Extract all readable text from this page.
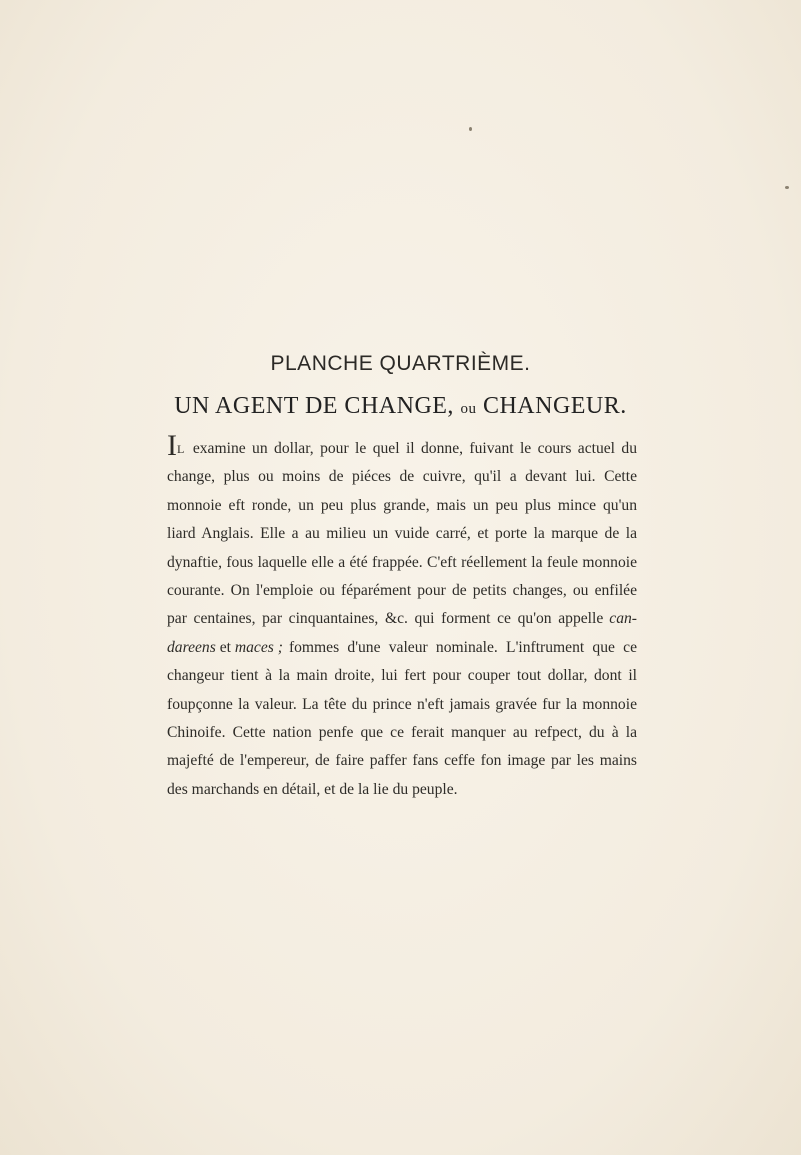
PLANCHE QUARTRIÈME.
UN AGENT DE CHANGE, ou CHANGEUR.
IL examine un dollar, pour le quel il donne, fuivant le cours actuel du
change, plus ou moins de piéces de cuivre, qu'il a devant lui. Cette
monnoie eft ronde, un peu plus grande, mais un peu plus mince qu'un
liard Anglais. Elle a au milieu un vuide carré, et porte la marque de la
dynaftie, fous laquelle elle a été frappée. C'eft réellement la feule monnoie
courante. On l'emploie ou féparément pour de petits changes, ou enfilée
par centaines, par cinquantaines, &c. qui forment ce qu'on appelle can-
dareens et maces ; fommes d'une valeur nominale. L'inftrument que ce
changeur tient à la main droite, lui fert pour couper tout dollar, dont il
foupçonne la valeur. La tête du prince n'eft jamais gravée fur la monnoie
Chinoife. Cette nation penfe que ce ferait manquer au refpect, du à la
majefté de l'empereur, de faire paffer fans ceffe fon image par les mains
des marchands en détail, et de la lie du peuple.
